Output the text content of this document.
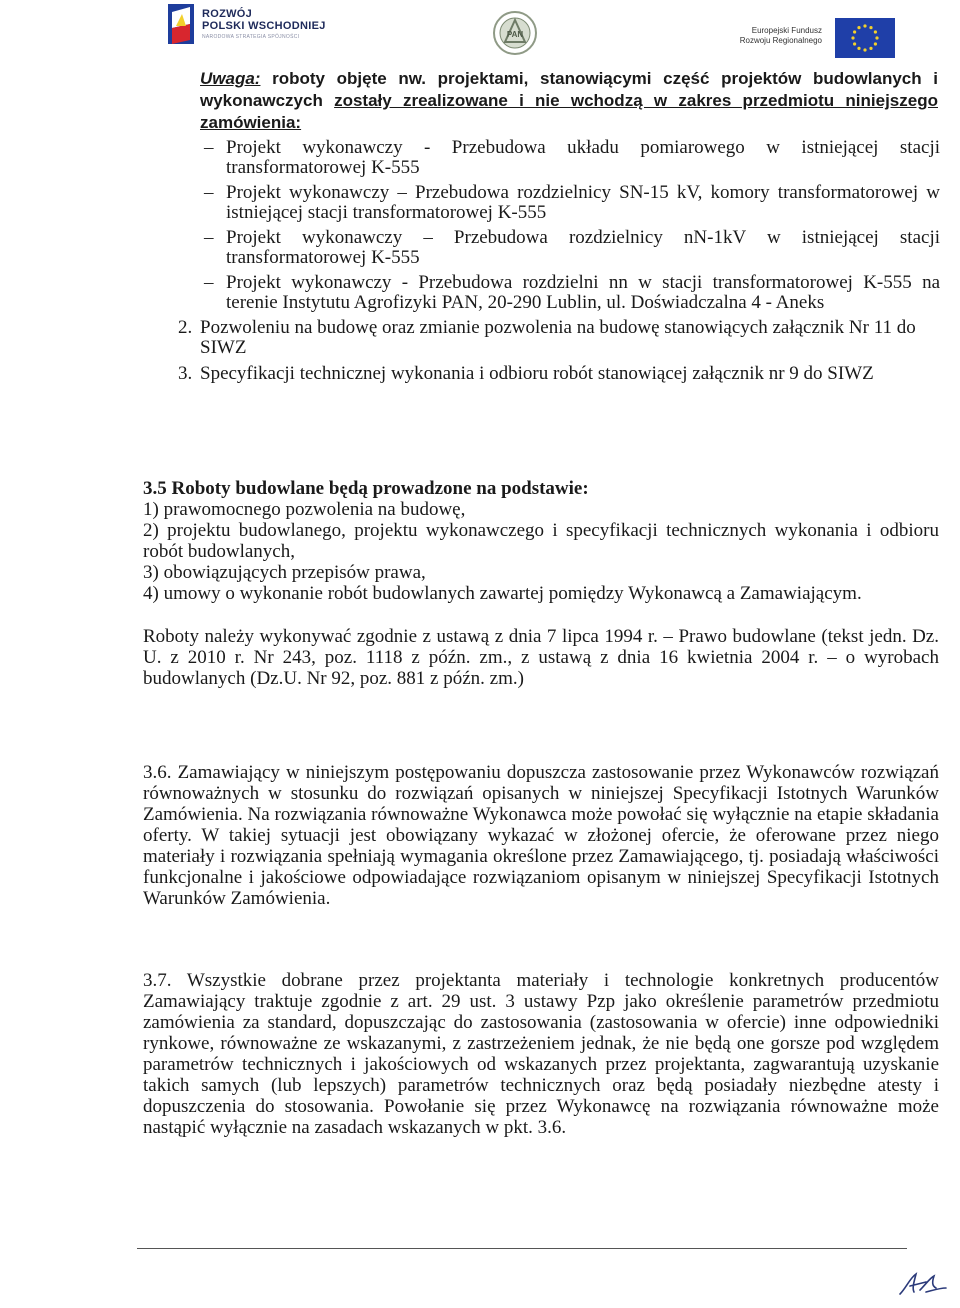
ROZWÓJ
POLSKI WSCHODNIEJ
NARODOWA STRATEGIA SPÓJNOŚCI	PAN	Europejski Fundusz
Rozwoju Regionalnego
Uwaga: roboty objęte nw. projektami, stanowiącymi część projektów budowlanych i wykonawczych zostały zrealizowane i nie wchodzą w zakres przedmiotu niniejszego zamówienia:
– Projekt wykonawczy - Przebudowa układu pomiarowego w istniejącej stacji transformatorowej K-555
– Projekt wykonawczy – Przebudowa rozdzielnicy SN-15 kV, komory transformatorowej w istniejącej stacji transformatorowej K-555
– Projekt wykonawczy – Przebudowa rozdzielnicy nN-1kV w istniejącej stacji transformatorowej K-555
– Projekt wykonawczy - Przebudowa rozdzielni nn w stacji transformatorowej K-555 na terenie Instytutu Agrofizyki PAN, 20-290 Lublin, ul. Doświadczalna 4 - Aneks
2. Pozwoleniu na budowę oraz zmianie pozwolenia na budowę stanowiących załącznik Nr 11 do SIWZ
3. Specyfikacji technicznej wykonania i odbioru robót stanowiącej załącznik nr 9 do SIWZ

3.5 Roboty budowlane będą prowadzone na podstawie:

1) prawomocnego pozwolenia na budowę,

2) projektu budowlanego, projektu wykonawczego i specyfikacji technicznych wykonania i odbioru robót budowlanych,

3) obowiązujących przepisów prawa,

4) umowy o wykonanie robót budowlanych zawartej pomiędzy Wykonawcą a Zamawiającym.

Roboty należy wykonywać zgodnie z ustawą z dnia 7 lipca 1994 r. – Prawo budowlane (tekst jedn. Dz. U. z 2010 r. Nr 243, poz. 1118 z późn. zm., z ustawą z dnia 16 kwietnia 2004 r. – o wyrobach budowlanych (Dz.U. Nr 92, poz. 881 z późn. zm.)

3.6. Zamawiający w niniejszym postępowaniu dopuszcza zastosowanie przez Wykonawców rozwiązań równoważnych w stosunku do rozwiązań opisanych w niniejszej Specyfikacji Istotnych Warunków Zamówienia. Na rozwiązania równoważne Wykonawca może powołać się wyłącznie na etapie składania oferty. W takiej sytuacji jest obowiązany wykazać w złożonej ofercie, że oferowane przez niego materiały i rozwiązania spełniają wymagania określone przez Zamawiającego, tj. posiadają właściwości funkcjonalne i jakościowe odpowiadające rozwiązaniom opisanym w niniejszej Specyfikacji Istotnych Warunków Zamówienia.

3.7. Wszystkie dobrane przez projektanta materiały i technologie konkretnych producentów Zamawiający traktuje zgodnie z art. 29 ust. 3 ustawy Pzp jako określenie parametrów przedmiotu zamówienia za standard, dopuszczając do zastosowania (zastosowania w ofercie) inne odpowiedniki rynkowe, równoważne ze wskazanymi, z zastrzeżeniem jednak, że nie będą one gorsze pod względem parametrów technicznych i jakościowych od wskazanych przez projektanta, zagwarantują uzyskanie takich samych (lub lepszych) parametrów technicznych oraz będą posiadały niezbędne atesty i dopuszczenia do stosowania. Powołanie się przez Wykonawcę na rozwiązania równoważne może nastąpić wyłącznie na zasadach wskazanych w pkt. 3.6.
